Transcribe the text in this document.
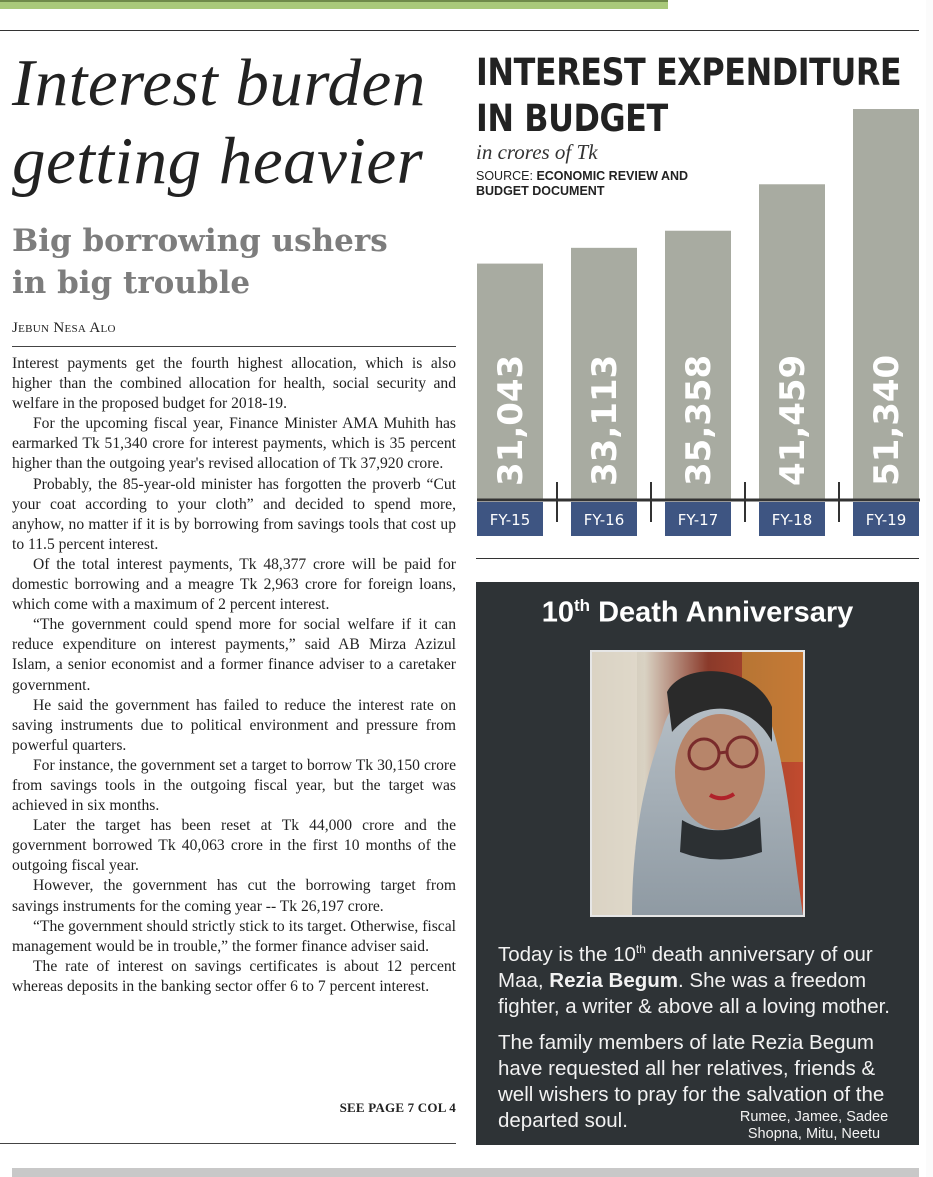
Interest burden
getting heavier
Big borrowing ushers
in big trouble
Jebun Nesa Alo

Interest payments get the fourth highest allocation, which is also higher than the combined allocation for health, social security and welfare in the proposed budget for 2018-19.

For the upcoming fiscal year, Finance Minister AMA Muhith has earmarked Tk 51,340 crore for interest payments, which is 35 percent higher than the outgoing year's revised allocation of Tk 37,920 crore.

Probably, the 85-year-old minister has forgotten the proverb “Cut your coat according to your cloth” and decided to spend more, anyhow, no matter if it is by borrowing from savings tools that cost up to 11.5 percent interest.

Of the total interest payments, Tk 48,377 crore will be paid for domestic borrowing and a meagre Tk 2,963 crore for foreign loans, which come with a maximum of 2 percent interest.

“The government could spend more for social welfare if it can reduce expenditure on interest payments,” said AB Mirza Azizul Islam, a senior economist and a former finance adviser to a caretaker government.

He said the government has failed to reduce the interest rate on saving instruments due to political environment and pressure from powerful quarters.

For instance, the government set a target to borrow Tk 30,150 crore from savings tools in the outgoing fiscal year, but the target was achieved in six months.

Later the target has been reset at Tk 44,000 crore and the government borrowed Tk 40,063 crore in the first 10 months of the outgoing fiscal year.

However, the government has cut the borrowing target from savings instruments for the coming year -- Tk 26,197 crore.

“The government should strictly stick to its target. Otherwise, fiscal management would be in trouble,” the former finance adviser said.

The rate of interest on savings certificates is about 12 percent whereas deposits in the banking sector offer 6 to 7 percent interest.

SEE PAGE 7 COL 4
INTEREST EXPENDITURE
IN BUDGET
in crores of Tk
SOURCE: ECONOMIC REVIEW AND BUDGET DOCUMENT
31,043
FY-15
33,113
FY-16
35,358
FY-17
41,459
FY-18
51,340
FY-19
10th Death Anniversary
Today is the 10th death anniversary of our Maa, Rezia Begum. She was a freedom fighter, a writer & above all a loving mother.
The family members of late Rezia Begum have requested all her relatives, friends & well wishers to pray for the salvation of the departed soul.	Rumee, Jamee, Sadee
Shopna, Mitu, Neetu
